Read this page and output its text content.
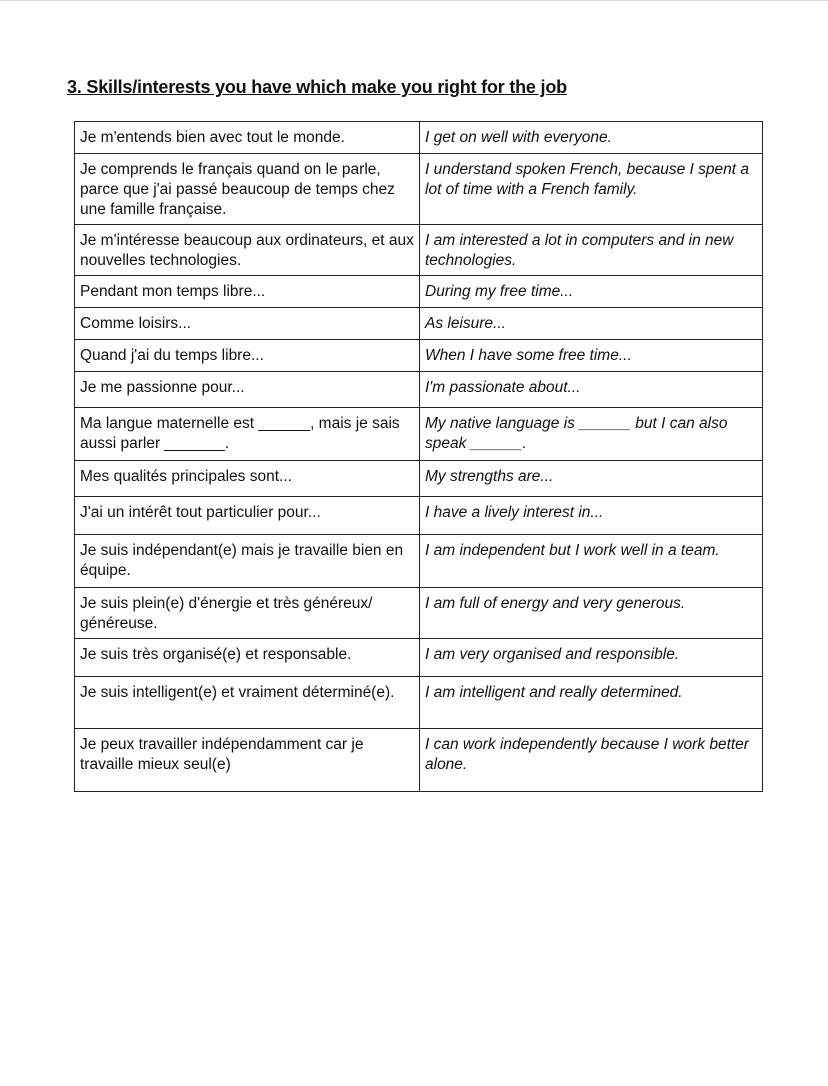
3. Skills/interests you have which make you right for the job
Je m'entends bien avec tout le monde.	I get on well with everyone.
Je comprends le français quand on le parle, parce que j'ai passé beaucoup de temps chez une famille française.	I understand spoken French, because I spent a lot of time with a French family.
Je m'intéresse beaucoup aux ordinateurs, et aux nouvelles technologies.	I am interested a lot in computers and in new technologies.
Pendant mon temps libre...	During my free time...
Comme loisirs...	As leisure...
Quand j'ai du temps libre...	When I have some free time...
Je me passionne pour...	I'm passionate about...
Ma langue maternelle est ______, mais je sais aussi parler _______.	My native language is ______ but I can also speak ______.
Mes qualités principales sont...	My strengths are...
J'ai un intérêt tout particulier pour...	I have a lively interest in...
Je suis indépendant(e) mais je travaille bien en équipe.	I am independent but I work well in a team.
Je suis plein(e) d'énergie et très généreux/ généreuse.	I am full of energy and very generous.
Je suis très organisé(e) et responsable.	I am very organised and responsible.
Je suis intelligent(e) et vraiment déterminé(e).	I am intelligent and really determined.
Je peux travailler indépendamment car je travaille mieux seul(e)	I can work independently because I work better alone.
